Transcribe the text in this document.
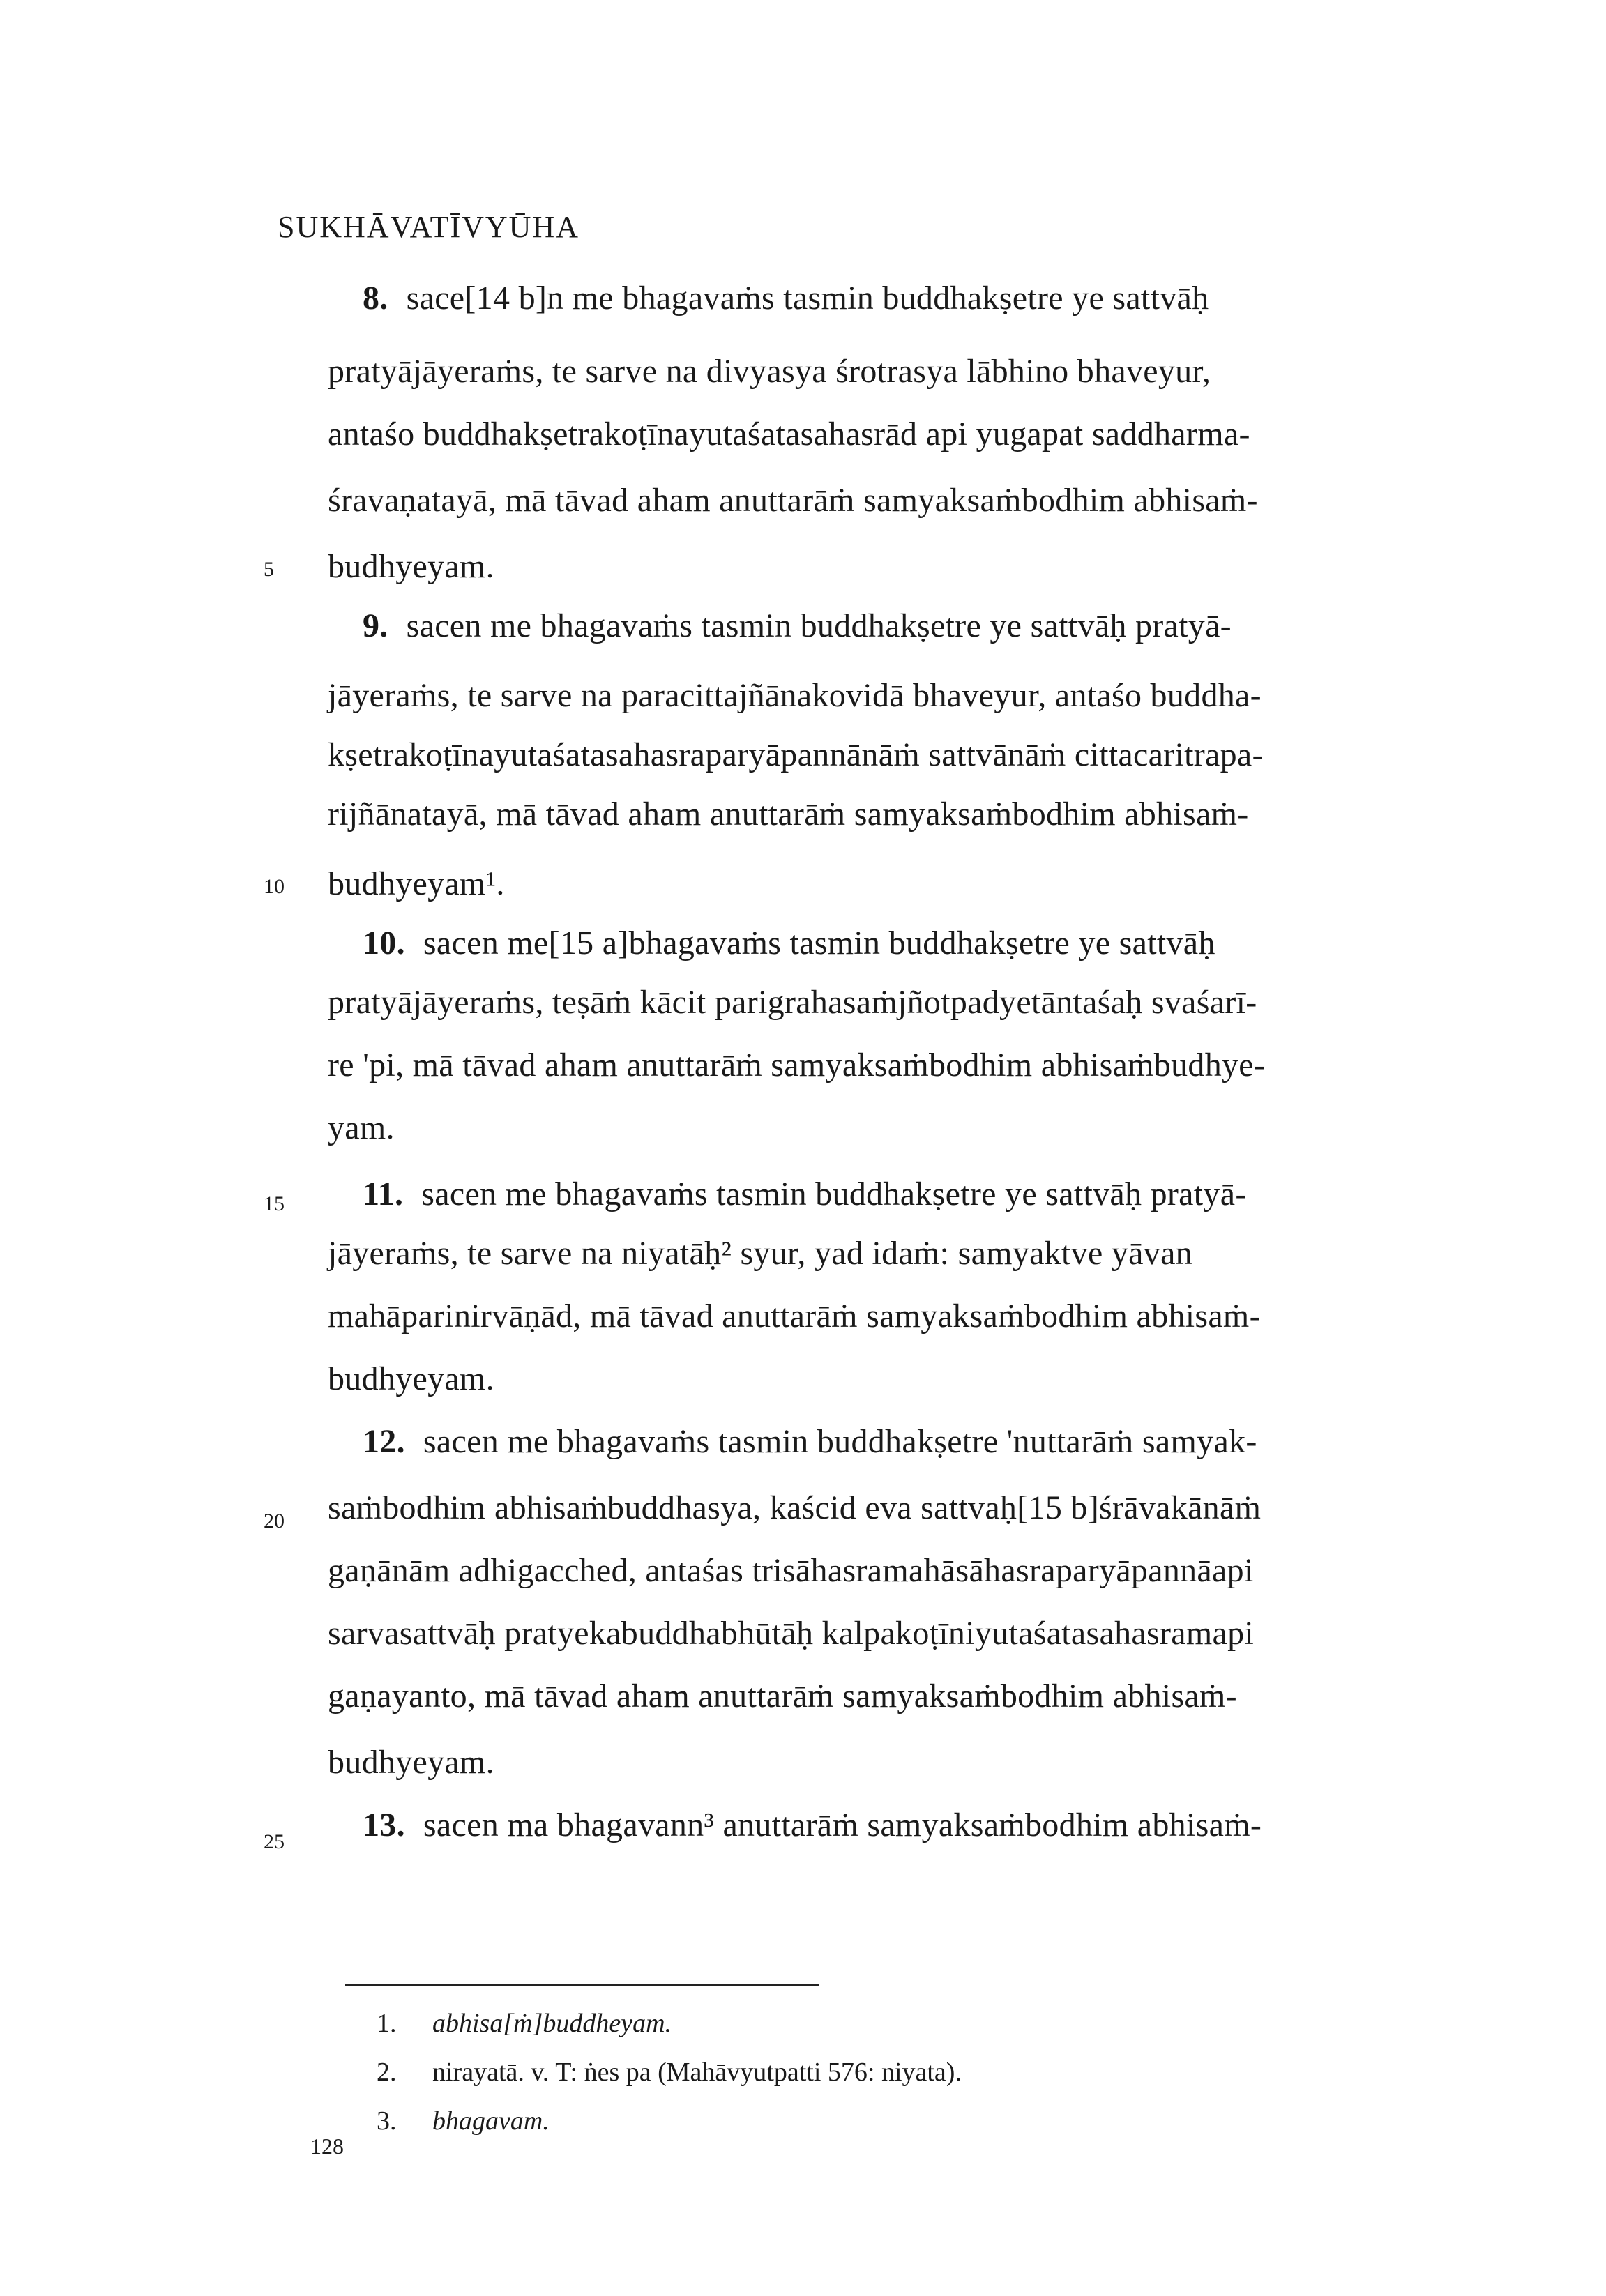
SUKHĀVATĪVYŪHA
8. sace[14 b]n me bhagavaṁs tasmin buddhakṣetre ye sattvāḥ
pratyājāyeraṁs, te sarve na divyasya śrotrasya lābhino bhaveyur,
antaśo buddhakṣetrakoṭīnayutaśatasahasrād api yugapat saddharma-
śravaṇatayā, mā tāvad aham anuttarāṁ samyaksaṁbodhim abhisaṁ-
5 budhyeyam.
9. sacen me bhagavaṁs tasmin buddhakṣetre ye sattvāḥ pratyā-
jāyeraṁs, te sarve na paracittajñānakovidā bhaveyur, antaśo buddha-
kṣetrakoṭīnayutaśatasahasraparyāpannānāṁ sattvānāṁ cittacaritrapa-
rijñānatayā, mā tāvad aham anuttarāṁ samyaksaṁbodhim abhisaṁ-
10 budhyeyam¹.
10. sacen me[15 a]bhagavaṁs tasmin buddhakṣetre ye sattvāḥ
pratyājāyeraṁs, teṣāṁ kācit parigrahasaṁjñotpadyetāntaśaḥ svaśarī-
re 'pi, mā tāvad aham anuttarāṁ samyaksaṁbodhim abhisaṁbudhye-
yam.
15 11. sacen me bhagavaṁs tasmin buddhakṣetre ye sattvāḥ pratyā-
jāyeraṁs, te sarve na niyatāḥ² syur, yad idaṁ: samyaktve yāvan
mahāparinirvāṇād, mā tāvad anuttarāṁ samyaksaṁbodhim abhisaṁ-
budhyeyam.
12. sacen me bhagavaṁs tasmin buddhakṣetre 'nuttarāṁ samyak-
20 saṁbodhim abhisaṁbuddhasya, kaścid eva sattvaḥ[15 b]śrāvakānāṁ
gaṇānām adhigacched, antaśas trisāhasramahāsāhasraparyāpannāapi
sarvasattvāḥ pratyekabuddhabhūtāḥ kalpakoṭīniyutaśatasahasramapi
gaṇayanto, mā tāvad aham anuttarāṁ samyaksaṁbodhim abhisaṁ-
budhyeyam.
25 13. sacen ma bhagavann³ anuttarāṁ samyaksaṁbodhim abhisaṁ-
1. abhisa[ṁ]buddheyam.
2. nirayatā. v. T: ṅes pa (Mahāvyutpatti 576: niyata).
3. bhagavam.
128
